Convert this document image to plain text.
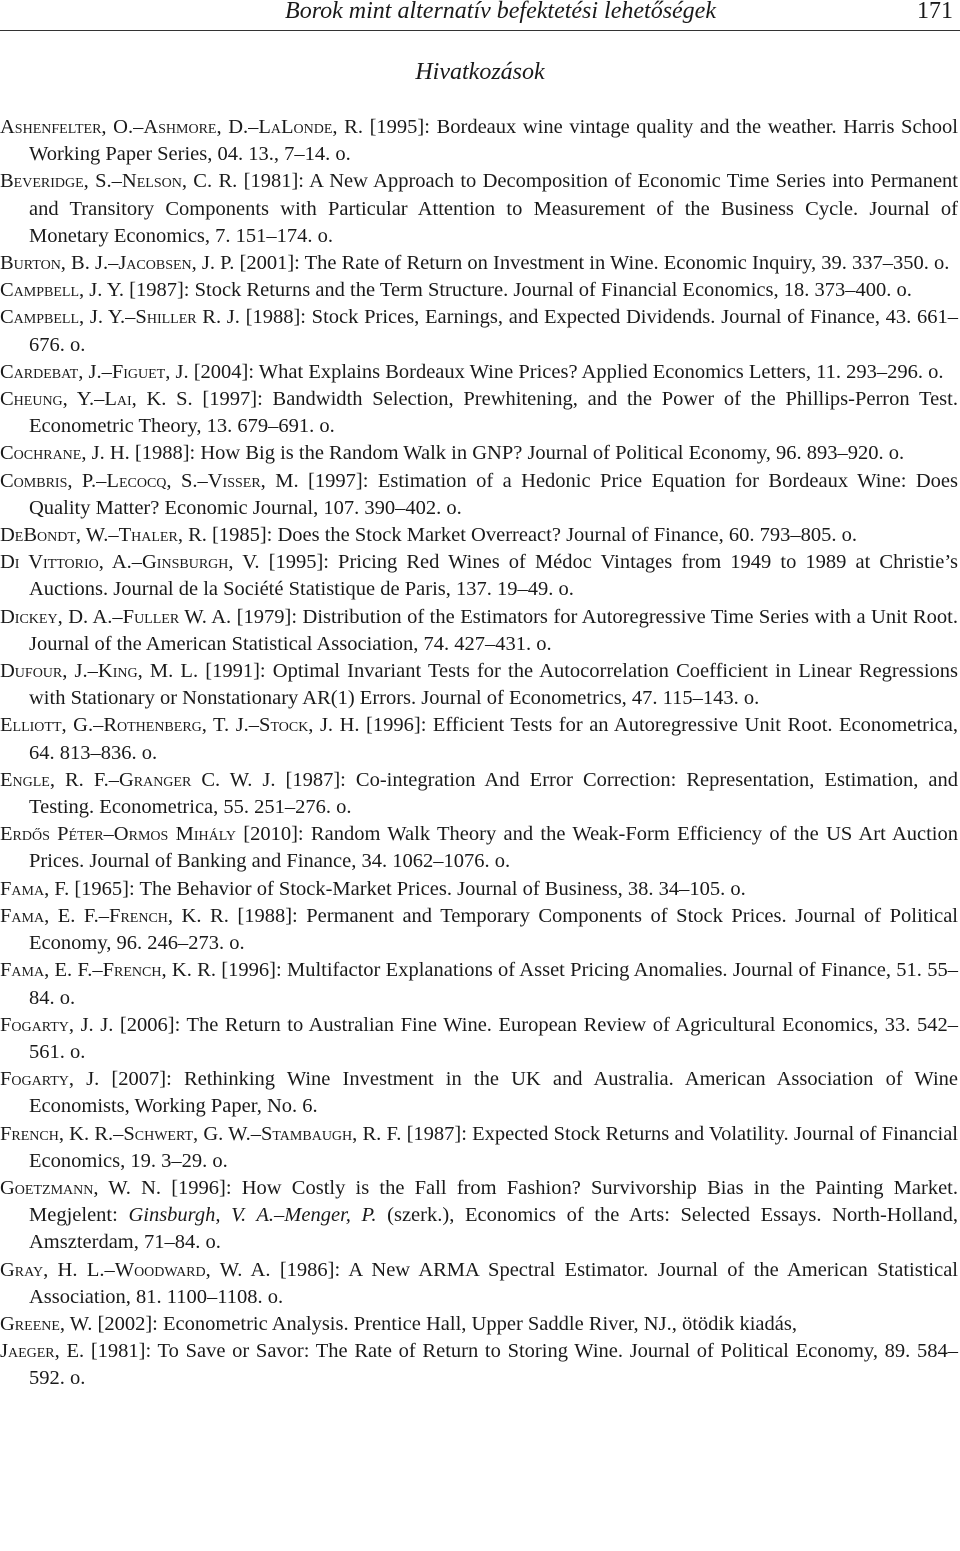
Borok mint alternatív befektetési lehetőségek	171
Hivatkozások
Ashenfelter, O.–Ashmore, D.–LaLonde, R. [1995]: Bordeaux wine vintage quality and the weather. Harris School Working Paper Series, 04. 13., 7–14. o.
Beveridge, S.–Nelson, C. R. [1981]: A New Approach to Decomposition of Economic Time Series into Permanent and Transitory Components with Particular Attention to Measurement of the Business Cycle. Journal of Monetary Economics, 7. 151–174. o.
Burton, B. J.–Jacobsen, J. P. [2001]: The Rate of Return on Investment in Wine. Economic Inquiry, 39. 337–350. o.
Campbell, J. Y. [1987]: Stock Returns and the Term Structure. Journal of Financial Economics, 18. 373–400. o.
Campbell, J. Y.–Shiller R. J. [1988]: Stock Prices, Earnings, and Expected Dividends. Journal of Finance, 43. 661–676. o.
Cardebat, J.–Figuet, J. [2004]: What Explains Bordeaux Wine Prices? Applied Economics Letters, 11. 293–296. o.
Cheung, Y.–Lai, K. S. [1997]: Bandwidth Selection, Prewhitening, and the Power of the Phillips-Perron Test. Econometric Theory, 13. 679–691. o.
Cochrane, J. H. [1988]: How Big is the Random Walk in GNP? Journal of Political Economy, 96. 893–920. o.
Combris, P.–Lecocq, S.–Visser, M. [1997]: Estimation of a Hedonic Price Equation for Bordeaux Wine: Does Quality Matter? Economic Journal, 107. 390–402. o.
DeBondt, W.–Thaler, R. [1985]: Does the Stock Market Overreact? Journal of Finance, 60. 793–805. o.
Di Vittorio, A.–Ginsburgh, V. [1995]: Pricing Red Wines of Médoc Vintages from 1949 to 1989 at Christie’s Auctions. Journal de la Société Statistique de Paris, 137. 19–49. o.
Dickey, D. A.–Fuller W. A. [1979]: Distribution of the Estimators for Autoregressive Time Series with a Unit Root. Journal of the American Statistical Association, 74. 427–431. o.
Dufour, J.–King, M. L. [1991]: Optimal Invariant Tests for the Autocorrelation Coefficient in Linear Regressions with Stationary or Nonstationary AR(1) Errors. Journal of Econometrics, 47. 115–143. o.
Elliott, G.–Rothenberg, T. J.–Stock, J. H. [1996]: Efficient Tests for an Autoregressive Unit Root. Econometrica, 64. 813–836. o.
Engle, R. F.–Granger C. W. J. [1987]: Co-integration And Error Correction: Representation, Estimation, and Testing. Econometrica, 55. 251–276. o.
Erdős Péter–Ormos Mihály [2010]: Random Walk Theory and the Weak-Form Efficiency of the US Art Auction Prices. Journal of Banking and Finance, 34. 1062–1076. o.
Fama, F. [1965]: The Behavior of Stock-Market Prices. Journal of Business, 38. 34–105. o.
Fama, E. F.–French, K. R. [1988]: Permanent and Temporary Components of Stock Prices. Journal of Political Economy, 96. 246–273. o.
Fama, E. F.–French, K. R. [1996]: Multifactor Explanations of Asset Pricing Anomalies. Journal of Finance, 51. 55–84. o.
Fogarty, J. J. [2006]: The Return to Australian Fine Wine. European Review of Agricultural Economics, 33. 542–561. o.
Fogarty, J. [2007]: Rethinking Wine Investment in the UK and Australia. American Association of Wine Economists, Working Paper, No. 6.
French, K. R.–Schwert, G. W.–Stambaugh, R. F. [1987]: Expected Stock Returns and Volatility. Journal of Financial Economics, 19. 3–29. o.
Goetzmann, W. N. [1996]: How Costly is the Fall from Fashion? Survivorship Bias in the Painting Market. Megjelent: Ginsburgh, V. A.–Menger, P. (szerk.), Economics of the Arts: Selected Essays. North-Holland, Amszterdam, 71–84. o.
Gray, H. L.–Woodward, W. A. [1986]: A New ARMA Spectral Estimator. Journal of the American Statistical Association, 81. 1100–1108. o.
Greene, W. [2002]: Econometric Analysis. Prentice Hall, Upper Saddle River, NJ., ötödik kiadás,
Jaeger, E. [1981]: To Save or Savor: The Rate of Return to Storing Wine. Journal of Political Economy, 89. 584–592. o.
